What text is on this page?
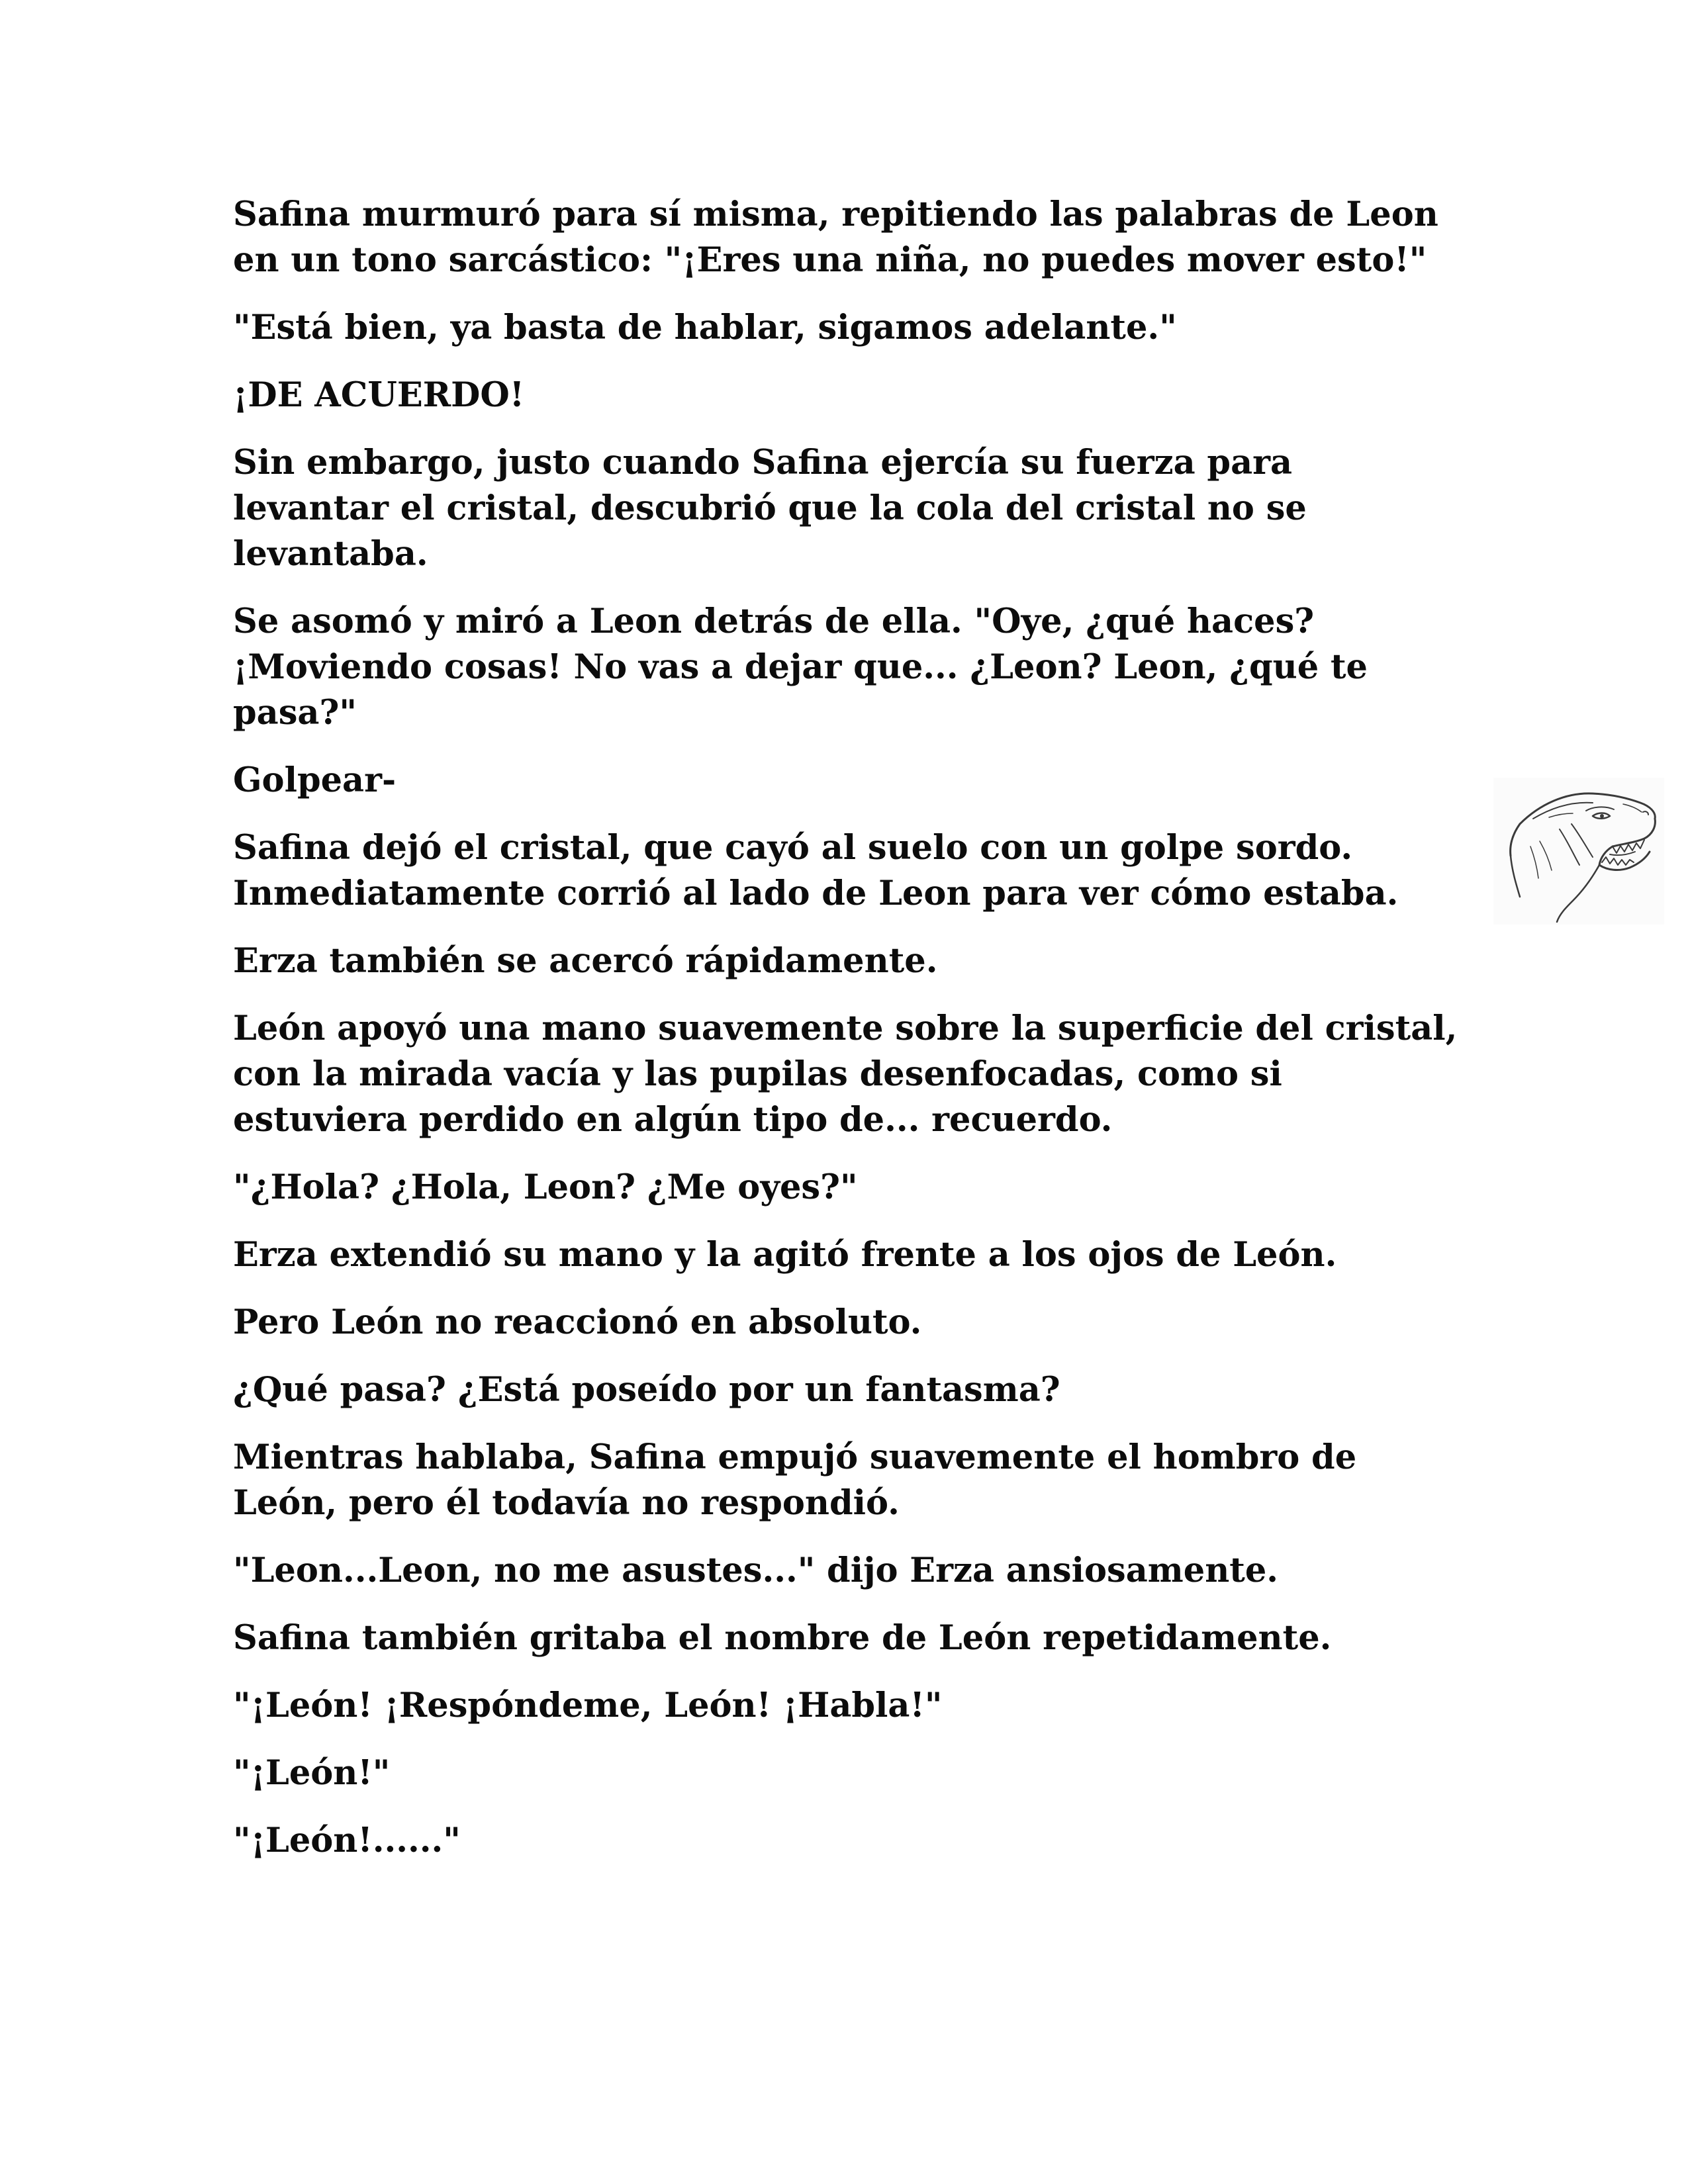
Safina murmuró para sí misma, repitiendo las palabras de Leon en un tono sarcástico: "¡Eres una niña, no puedes mover esto!"

"Está bien, ya basta de hablar, sigamos adelante."

¡DE ACUERDO!

Sin embargo, justo cuando Safina ejercía su fuerza para levantar el cristal, descubrió que la cola del cristal no se levantaba.

Se asomó y miró a Leon detrás de ella. "Oye, ¿qué haces? ¡Moviendo cosas! No vas a dejar que... ¿Leon? Leon, ¿qué te pasa?"

Golpear-

Safina dejó el cristal, que cayó al suelo con un golpe sordo. Inmediatamente corrió al lado de Leon para ver cómo estaba.

Erza también se acercó rápidamente.

León apoyó una mano suavemente sobre la superficie del cristal, con la mirada vacía y las pupilas desenfocadas, como si estuviera perdido en algún tipo de... recuerdo.

"¿Hola? ¿Hola, Leon? ¿Me oyes?"

Erza extendió su mano y la agitó frente a los ojos de León.

Pero León no reaccionó en absoluto.

¿Qué pasa? ¿Está poseído por un fantasma?

Mientras hablaba, Safina empujó suavemente el hombro de León, pero él todavía no respondió.

"Leon...Leon, no me asustes..." dijo Erza ansiosamente.

Safina también gritaba el nombre de León repetidamente.

"¡León! ¡Respóndeme, León! ¡Habla!"

"¡León!"

"¡León!......"
